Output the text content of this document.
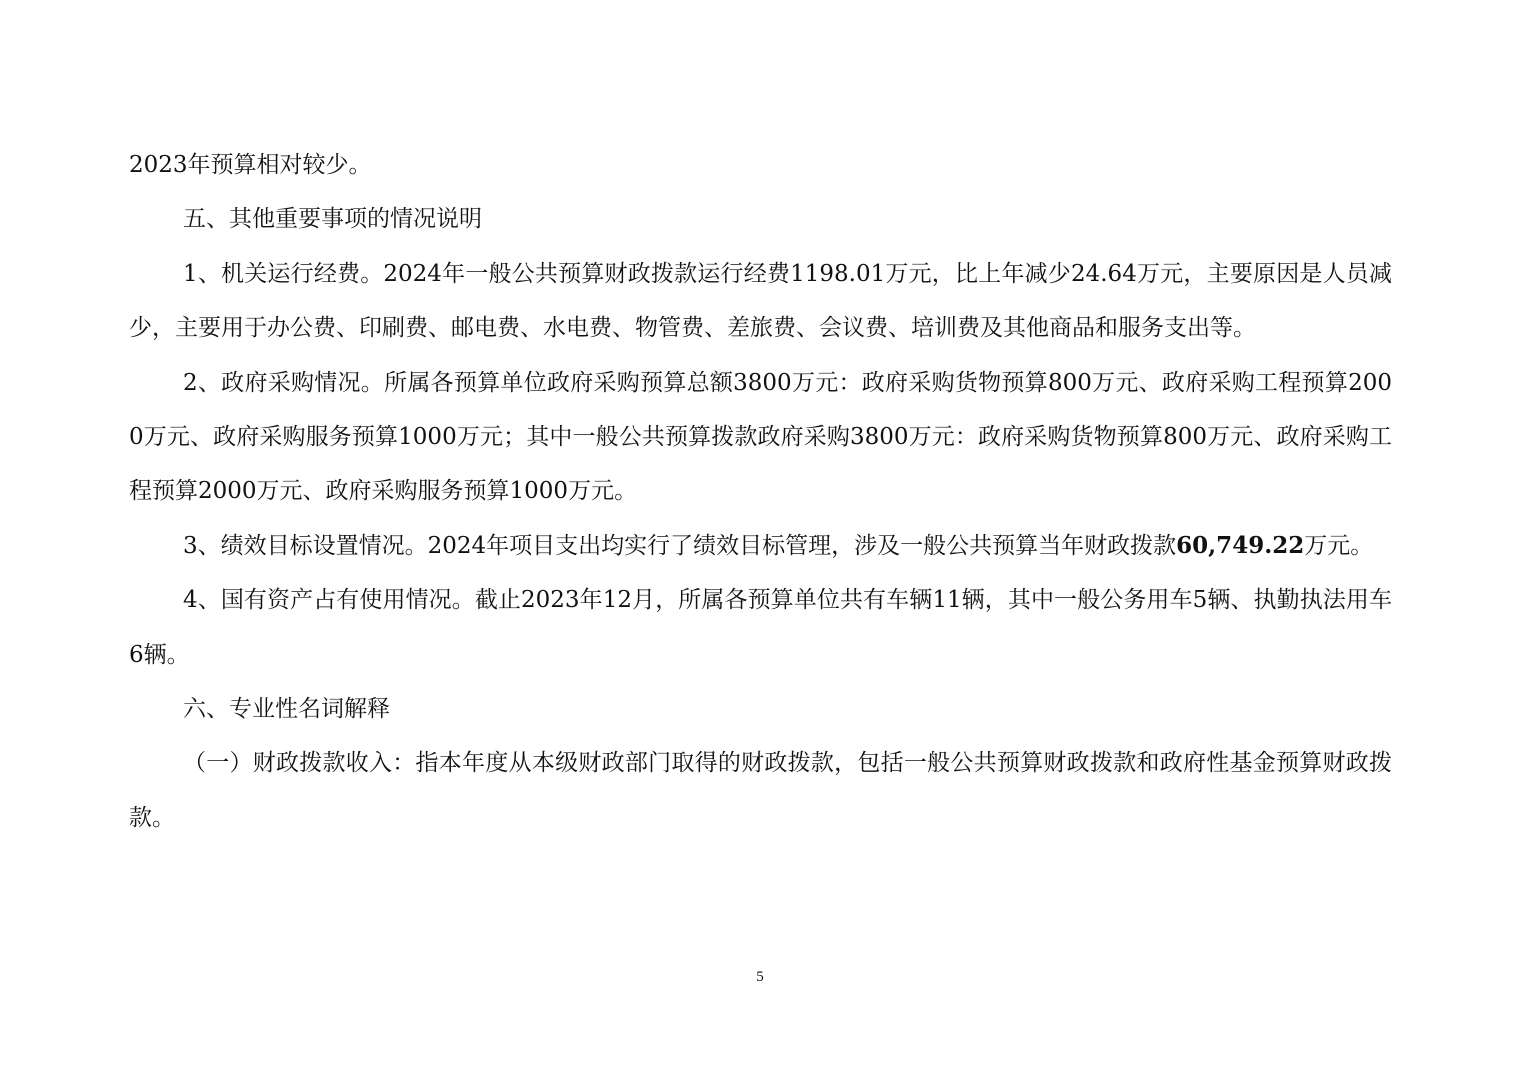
2023年预算相对较少。

五、其他重要事项的情况说明

1、机关运行经费。2024年一般公共预算财政拨款运行经费1198.01万元，比上年减少24.64万元，主要原因是人员减少，主要用于办公费、印刷费、邮电费、水电费、物管费、差旅费、会议费、培训费及其他商品和服务支出等。

2、政府采购情况。所属各预算单位政府采购预算总额3800万元：政府采购货物预算800万元、政府采购工程预算2000万元、政府采购服务预算1000万元；其中一般公共预算拨款政府采购3800万元：政府采购货物预算800万元、政府采购工程预算2000万元、政府采购服务预算1000万元。

3、绩效目标设置情况。2024年项目支出均实行了绩效目标管理，涉及一般公共预算当年财政拨款60,749.22万元。

4、国有资产占有使用情况。截止2023年12月，所属各预算单位共有车辆11辆，其中一般公务用车5辆、执勤执法用车6辆。

六、专业性名词解释

（一）财政拨款收入：指本年度从本级财政部门取得的财政拨款，包括一般公共预算财政拨款和政府性基金预算财政拨款。

5
